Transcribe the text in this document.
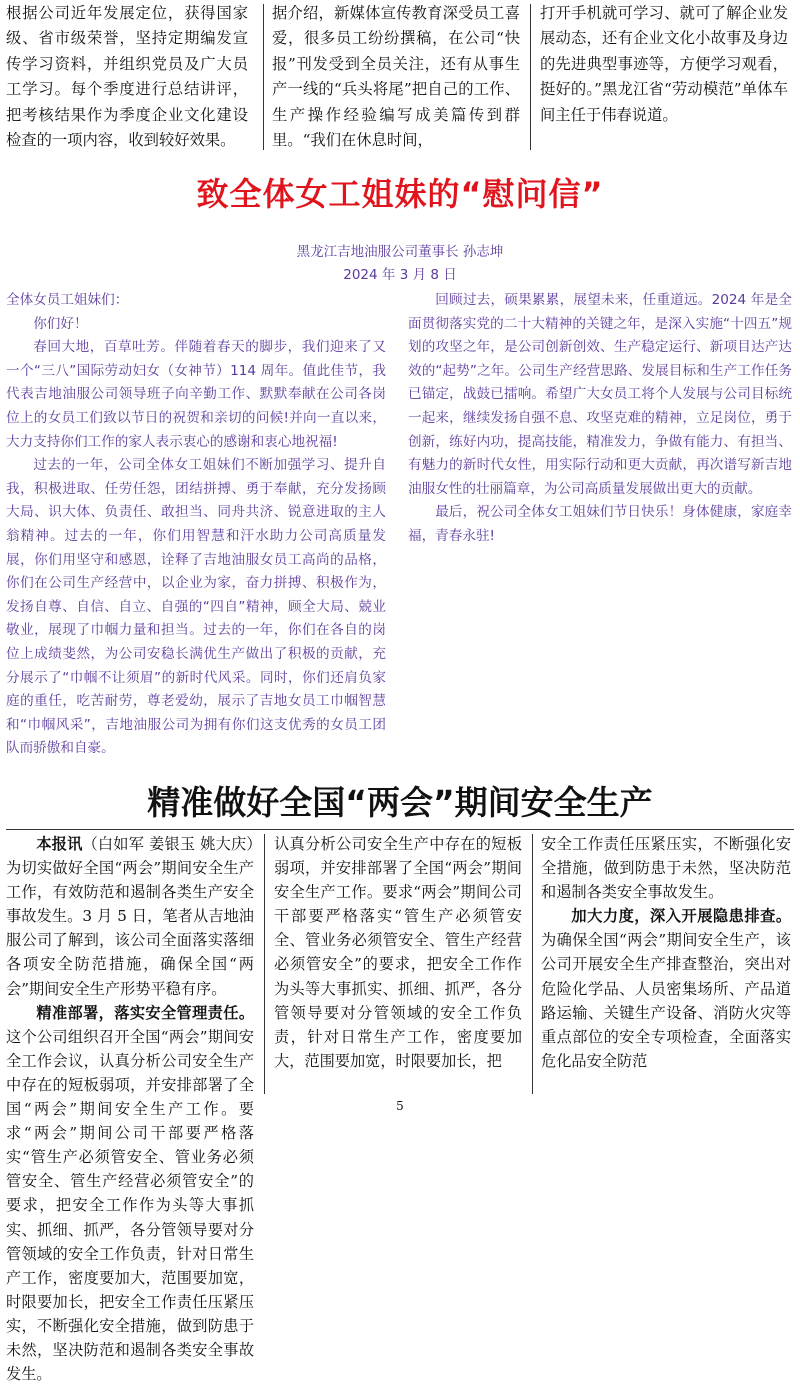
根据公司近年发展定位，获得国家级、省市级荣誉，坚持定期编发宣传学习资料，并组织党员及广大员工学习。每个季度进行总结讲评，把考核结果作为季度企业文化建设检查的一项内容，收到较好效果。

据介绍，新媒体宣传教育深受员工喜爱，很多员工纷纷撰稿，在公司“快报”刊发受到全员关注，还有从事生产一线的“兵头将尾”把自己的工作、生产操作经验编写成美篇传到群里。“我们在休息时间，

打开手机就可学习、就可了解企业发展动态，还有企业文化小故事及身边的先进典型事迹等，方便学习观看，挺好的。”黑龙江省“劳动模范”单体车间主任于伟春说道。

致全体女工姐妹的“慰问信”
黑龙江吉地油服公司董事长 孙志坤
2024 年 3 月 8 日

全体女员工姐妹们：

你们好！

春回大地，百草吐芳。伴随着春天的脚步，我们迎来了又一个“三八”国际劳动妇女（女神节）114 周年。值此佳节，我代表吉地油服公司领导班子向辛勤工作、默默奉献在公司各岗位上的女员工们致以节日的祝贺和亲切的问候!并向一直以来，大力支持你们工作的家人表示衷心的感谢和衷心地祝福!

过去的一年，公司全体女工姐妹们不断加强学习、提升自我，积极进取、任劳任怨，团结拼搏、勇于奉献，充分发扬顾大局、识大体、负责任、敢担当、同舟共济、锐意进取的主人翁精神。过去的一年，你们用智慧和汗水助力公司高质量发展，你们用坚守和感恩，诠释了吉地油服女员工高尚的品格，你们在公司生产经营中，以企业为家，奋力拼搏、积极作为，发扬自尊、自信、自立、自强的“四自”精神，顾全大局、兢业敬业，展现了巾帼力量和担当。过去的一年，你们在各自的岗位上成绩斐然，为公司安稳长满优生产做出了积极的贡献，充分展示了“巾帼不让须眉”的新时代风采。同时，你们还肩负家庭的重任，吃苦耐劳，尊老爱幼，展示了吉地女员工巾帼智慧和“巾帼风采”，吉地油服公司为拥有你们这支优秀的女员工团队而骄傲和自豪。

回顾过去，硕果累累，展望未来，任重道远。2024 年是全面贯彻落实党的二十大精神的关键之年，是深入实施“十四五”规划的攻坚之年，是公司创新创效、生产稳定运行、新项目达产达效的“起势”之年。公司生产经营思路、发展目标和生产工作任务已锚定，战鼓已擂响。希望广大女员工将个人发展与公司目标统一起来，继续发扬自强不息、攻坚克难的精神，立足岗位，勇于创新，练好内功，提高技能，精准发力，争做有能力、有担当、有魅力的新时代女性，用实际行动和更大贡献，再次谱写新吉地油服女性的壮丽篇章，为公司高质量发展做出更大的贡献。

最后，祝公司全体女工姐妹们节日快乐！身体健康，家庭幸福，青春永驻!

精准做好全国“两会”期间安全生产

本报讯（白如军 姜银玉 姚大庆）为切实做好全国“两会”期间安全生产工作，有效防范和遏制各类生产安全事故发生。3 月 5 日，笔者从吉地油服公司了解到，该公司全面落实落细各项安全防范措施，确保全国“两会”期间安全生产形势平稳有序。

精准部署，落实安全管理责任。这个公司组织召开全国“两会”期间安全工作会议，认真分析公司安全生产中存在的短板弱项，并安排部署了全国“两会”期间安全生产工作。要求“两会”期间公司干部要严格落实“管生产必须管安全、管业务必须管安全、管生产经营必须管安全”的要求，把安全工作作为头等大事抓实、抓细、抓严，各分管领导要对分管领域的安全工作负责，针对日常生产工作，密度要加大，范围要加宽，时限要加长，把安全工作责任压紧压实，不断强化安全措施，做到防患于未然，坚决防范和遏制各类安全事故发生。

认真分析公司安全生产中存在的短板弱项，并安排部署了全国“两会”期间安全生产工作。要求“两会”期间公司干部要严格落实“管生产必须管安全、管业务必须管安全、管生产经营必须管安全”的要求，把安全工作作为头等大事抓实、抓细、抓严，各分管领导要对分管领域的安全工作负责，针对日常生产工作，密度要加大，范围要加宽，时限要加长，把

安全工作责任压紧压实，不断强化安全措施，做到防患于未然，坚决防范和遏制各类安全事故发生。

加大力度，深入开展隐患排查。为确保全国“两会”期间安全生产，该公司开展安全生产排查整治，突出对危险化学品、人员密集场所、产品道路运输、关键生产设备、消防火灾等重点部位的安全专项检查，全面落实危化品安全防范

5
